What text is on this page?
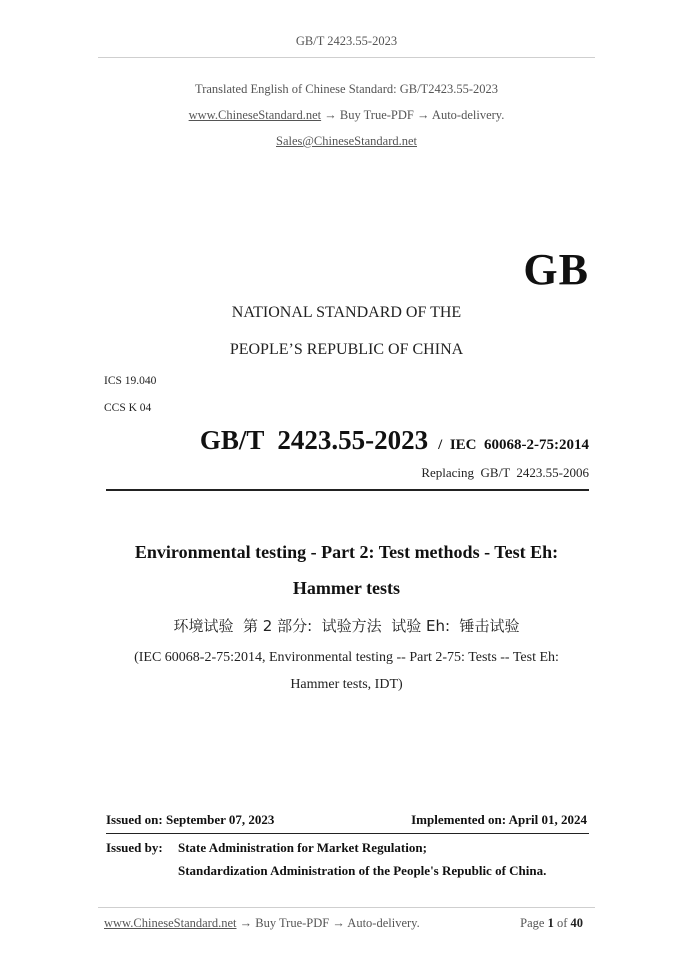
GB/T 2423.55-2023
Translated English of Chinese Standard: GB/T2423.55-2023
www.ChineseStandard.net → Buy True-PDF → Auto-delivery.
Sales@ChineseStandard.net
GB
NATIONAL STANDARD OF THE
PEOPLE’S REPUBLIC OF CHINA
ICS 19.040
CCS K 04
GB/T  2423.55-2023 /  IEC  60068-2-75:2014
Replacing  GB/T  2423.55-2006
Environmental testing - Part 2: Test methods - Test Eh:
Hammer tests
环境试验  第 2 部分:  试验方法  试验 Eh:  锤击试验
(IEC 60068-2-75:2014, Environmental testing -- Part 2-75: Tests -- Test Eh:
Hammer tests, IDT)
Issued on: September 07, 2023	Implemented on: April 01, 2024
Issued by: State Administration for Market Regulation;
Standardization Administration of the People's Republic of China.
www.ChineseStandard.net → Buy True-PDF → Auto-delivery.	Page 1 of 40
